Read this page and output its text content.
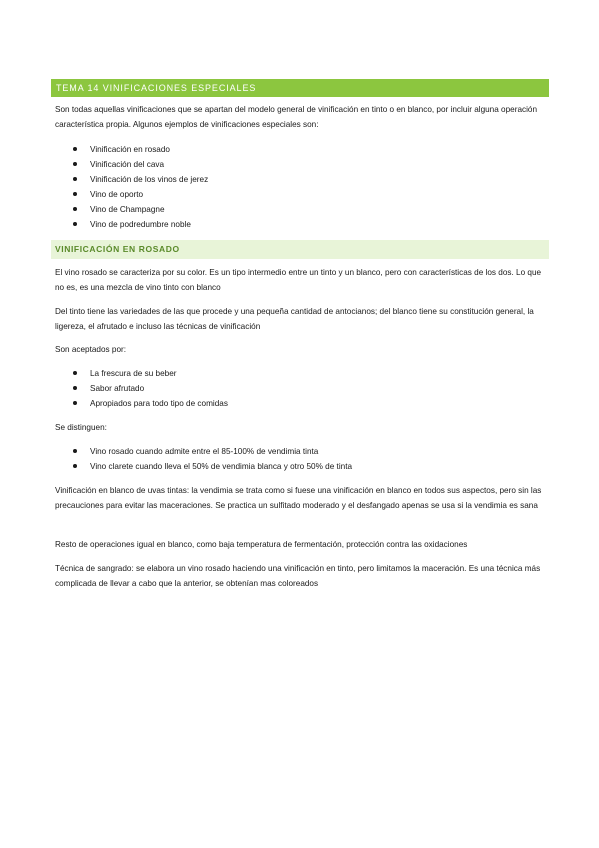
TEMA 14 VINIFICACIONES ESPECIALES

Son todas aquellas vinificaciones que se apartan del modelo general de vinificación en tinto o en blanco, por incluir alguna operación característica propia. Algunos ejemplos de vinificaciones especiales son:

Vinificación en rosado
Vinificación del cava
Vinificación de los vinos de jerez
Vino de oporto
Vino de Champagne
Vino de podredumbre noble
VINIFICACIÓN EN ROSADO

El vino rosado se caracteriza por su color. Es un tipo intermedio entre un tinto y un blanco, pero con características de los dos. Lo que no es, es una mezcla de vino tinto con blanco

Del tinto tiene las variedades de las que procede y una pequeña cantidad de antocianos; del blanco tiene su constitución general, la ligereza, el afrutado e incluso las técnicas de vinificación

Son aceptados por:

La frescura de su beber
Sabor afrutado
Apropiados para todo tipo de comidas

Se distinguen:

Vino rosado cuando admite entre el 85-100% de vendimia tinta
Vino clarete cuando lleva el 50% de vendimia blanca y otro 50% de tinta

Vinificación en blanco de uvas tintas: la vendimia se trata como si fuese una vinificación en blanco en todos sus aspectos, pero sin las precauciones para evitar las maceraciones. Se practica un sulfitado moderado y el desfangado apenas se usa si la vendimia es sana

Resto de operaciones igual en blanco, como baja temperatura de fermentación, protección contra las oxidaciones

Técnica de sangrado: se elabora un vino rosado haciendo una vinificación en tinto, pero limitamos la maceración. Es una técnica más complicada de llevar a cabo que la anterior, se obtenían mas coloreados
